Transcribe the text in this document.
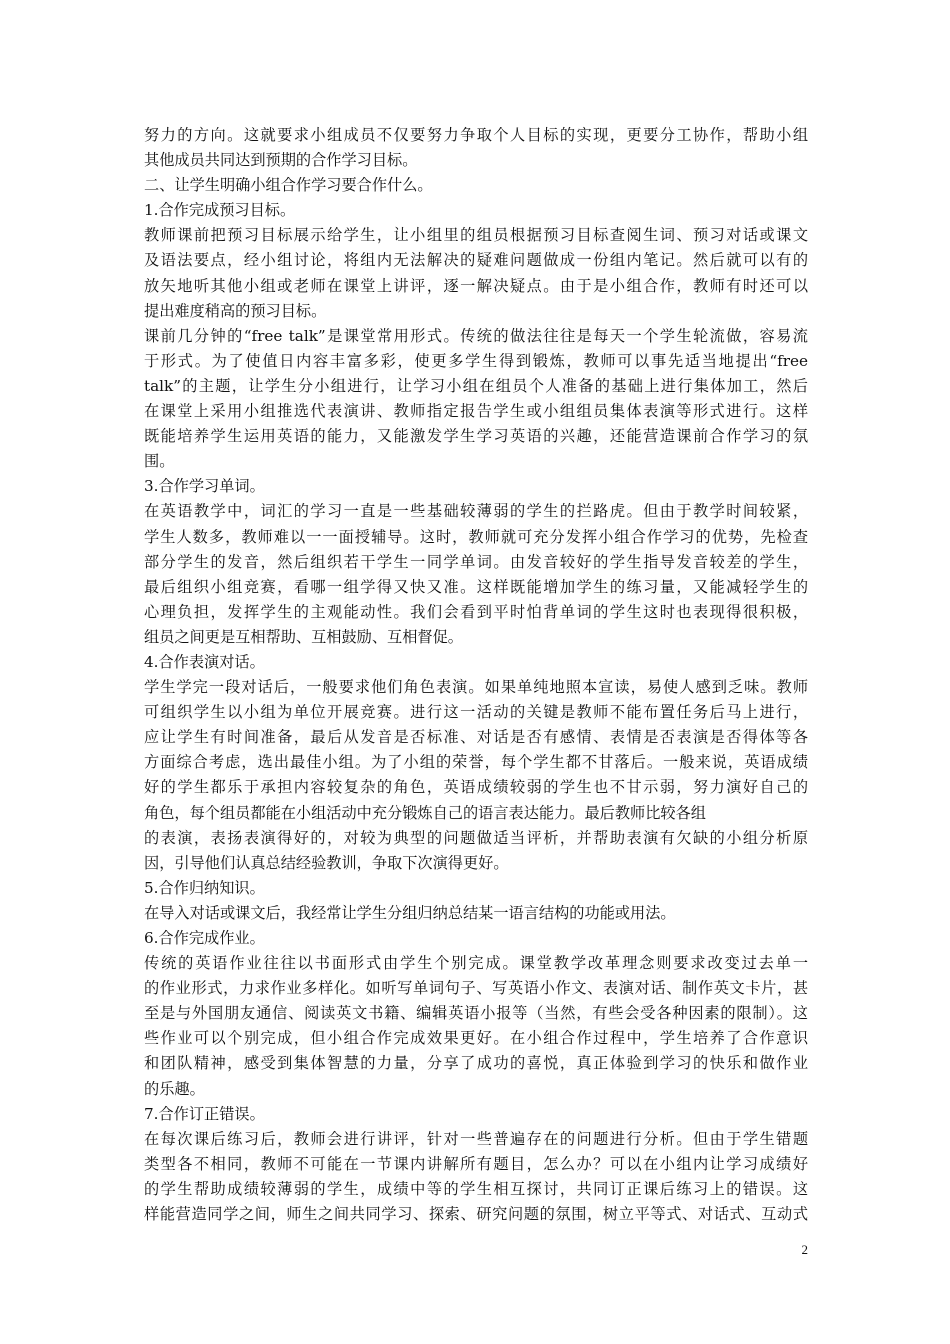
努力的方向。这就要求小组成员不仅要努力争取个人目标的实现，更要分工协作，帮助小组
其他成员共同达到预期的合作学习目标。
二、让学生明确小组合作学习要合作什么。
1.合作完成预习目标。
教师课前把预习目标展示给学生，让小组里的组员根据预习目标查阅生词、预习对话或课文
及语法要点，经小组讨论，将组内无法解决的疑难问题做成一份组内笔记。然后就可以有的
放矢地听其他小组或老师在课堂上讲评，逐一解决疑点。由于是小组合作，教师有时还可以
提出难度稍高的预习目标。
课前几分钟的“free talk”是课堂常用形式。传统的做法往往是每天一个学生轮流做，容易流
于形式。为了使值日内容丰富多彩，使更多学生得到锻炼，教师可以事先适当地提出“free
talk”的主题，让学生分小组进行，让学习小组在组员个人准备的基础上进行集体加工，然后
在课堂上采用小组推选代表演讲、教师指定报告学生或小组组员集体表演等形式进行。这样
既能培养学生运用英语的能力，又能激发学生学习英语的兴趣，还能营造课前合作学习的氛
围。
3.合作学习单词。
在英语教学中，词汇的学习一直是一些基础较薄弱的学生的拦路虎。但由于教学时间较紧，
学生人数多，教师难以一一面授辅导。这时，教师就可充分发挥小组合作学习的优势，先检查
部分学生的发音，然后组织若干学生一同学单词。由发音较好的学生指导发音较差的学生，
最后组织小组竞赛，看哪一组学得又快又准。这样既能增加学生的练习量，又能减轻学生的
心理负担，发挥学生的主观能动性。我们会看到平时怕背单词的学生这时也表现得很积极，
组员之间更是互相帮助、互相鼓励、互相督促。
4.合作表演对话。
学生学完一段对话后，一般要求他们角色表演。如果单纯地照本宣读，易使人感到乏味。教师
可组织学生以小组为单位开展竞赛。进行这一活动的关键是教师不能布置任务后马上进行，
应让学生有时间准备，最后从发音是否标准、对话是否有感情、表情是否表演是否得体等各
方面综合考虑，选出最佳小组。为了小组的荣誉，每个学生都不甘落后。一般来说，英语成绩
好的学生都乐于承担内容较复杂的角色，英语成绩较弱的学生也不甘示弱，努力演好自己的
角色，每个组员都能在小组活动中充分锻炼自己的语言表达能力。最后教师比较各组
的表演，表扬表演得好的，对较为典型的问题做适当评析，并帮助表演有欠缺的小组分析原
因，引导他们认真总结经验教训，争取下次演得更好。
5.合作归纳知识。
在导入对话或课文后，我经常让学生分组归纳总结某一语言结构的功能或用法。
6.合作完成作业。
传统的英语作业往往以书面形式由学生个别完成。课堂教学改革理念则要求改变过去单一
的作业形式，力求作业多样化。如听写单词句子、写英语小作文、表演对话、制作英文卡片，甚
至是与外国朋友通信、阅读英文书籍、编辑英语小报等（当然，有些会受各种因素的限制）。这
些作业可以个别完成，但小组合作完成效果更好。在小组合作过程中，学生培养了合作意识
和团队精神，感受到集体智慧的力量，分享了成功的喜悦，真正体验到学习的快乐和做作业
的乐趣。
7.合作订正错误。
在每次课后练习后，教师会进行讲评，针对一些普遍存在的问题进行分析。但由于学生错题
类型各不相同，教师不可能在一节课内讲解所有题目，怎么办？可以在小组内让学习成绩好
的学生帮助成绩较薄弱的学生，成绩中等的学生相互探讨，共同订正课后练习上的错误。这
样能营造同学之间，师生之间共同学习、探索、研究问题的氛围，树立平等式、对话式、互动式
2
